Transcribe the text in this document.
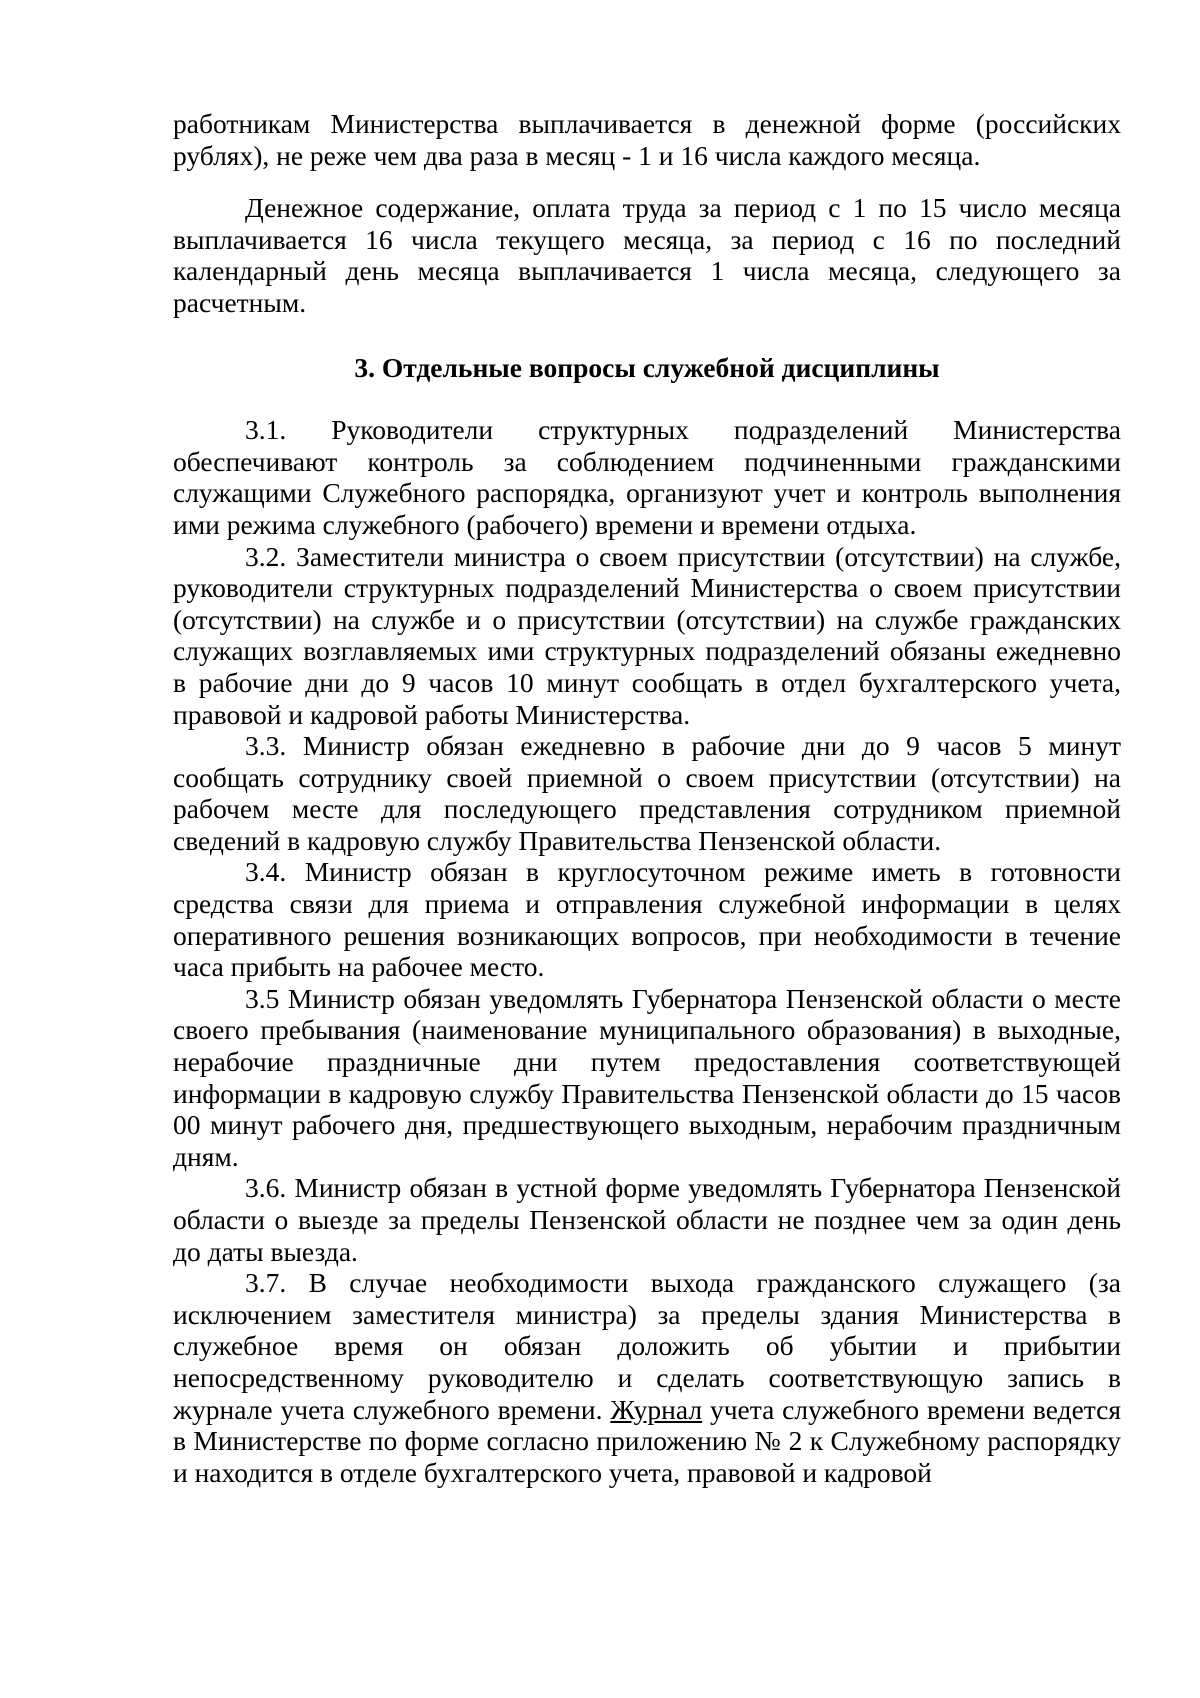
работникам Министерства выплачивается в денежной форме (российских рублях), не реже чем два раза в месяц - 1 и 16 числа каждого месяца.

Денежное содержание, оплата труда за период с 1 по 15 число месяца выплачивается 16 числа текущего месяца, за период с 16 по последний календарный день месяца выплачивается 1 числа месяца, следующего за расчетным.

3. Отдельные вопросы служебной дисциплины

3.1. Руководители структурных подразделений Министерства обеспечивают контроль за соблюдением подчиненными гражданскими служащими Служебного распорядка, организуют учет и контроль выполнения ими режима служебного (рабочего) времени и времени отдыха.

3.2. Заместители министра о своем присутствии (отсутствии) на службе, руководители структурных подразделений Министерства о своем присутствии (отсутствии) на службе и о присутствии (отсутствии) на службе гражданских служащих возглавляемых ими структурных подразделений обязаны ежедневно в рабочие дни до 9 часов 10 минут сообщать в отдел бухгалтерского учета, правовой и кадровой работы Министерства.

3.3. Министр обязан ежедневно в рабочие дни до 9 часов 5 минут сообщать сотруднику своей приемной о своем присутствии (отсутствии) на рабочем месте для последующего представления сотрудником приемной сведений в кадровую службу Правительства Пензенской области.

3.4. Министр обязан в круглосуточном режиме иметь в готовности средства связи для приема и отправления служебной информации в целях оперативного решения возникающих вопросов, при необходимости в течение часа прибыть на рабочее место.

3.5 Министр обязан уведомлять Губернатора Пензенской области о месте своего пребывания (наименование муниципального образования) в выходные, нерабочие праздничные дни путем предоставления соответствующей информации в кадровую службу Правительства Пензенской области до 15 часов 00 минут рабочего дня, предшествующего выходным, нерабочим праздничным дням.

3.6. Министр обязан в устной форме уведомлять Губернатора Пензенской области о выезде за пределы Пензенской области не позднее чем за один день до даты выезда.

3.7. В случае необходимости выхода гражданского служащего (за исключением заместителя министра) за пределы здания Министерства в служебное время он обязан доложить об убытии и прибытии непосредственному руководителю и сделать соответствующую запись в журнале учета служебного времени. Журнал учета служебного времени ведется в Министерстве по форме согласно приложению № 2 к Служебному распорядку и находится в отделе бухгалтерского учета, правовой и кадровой
